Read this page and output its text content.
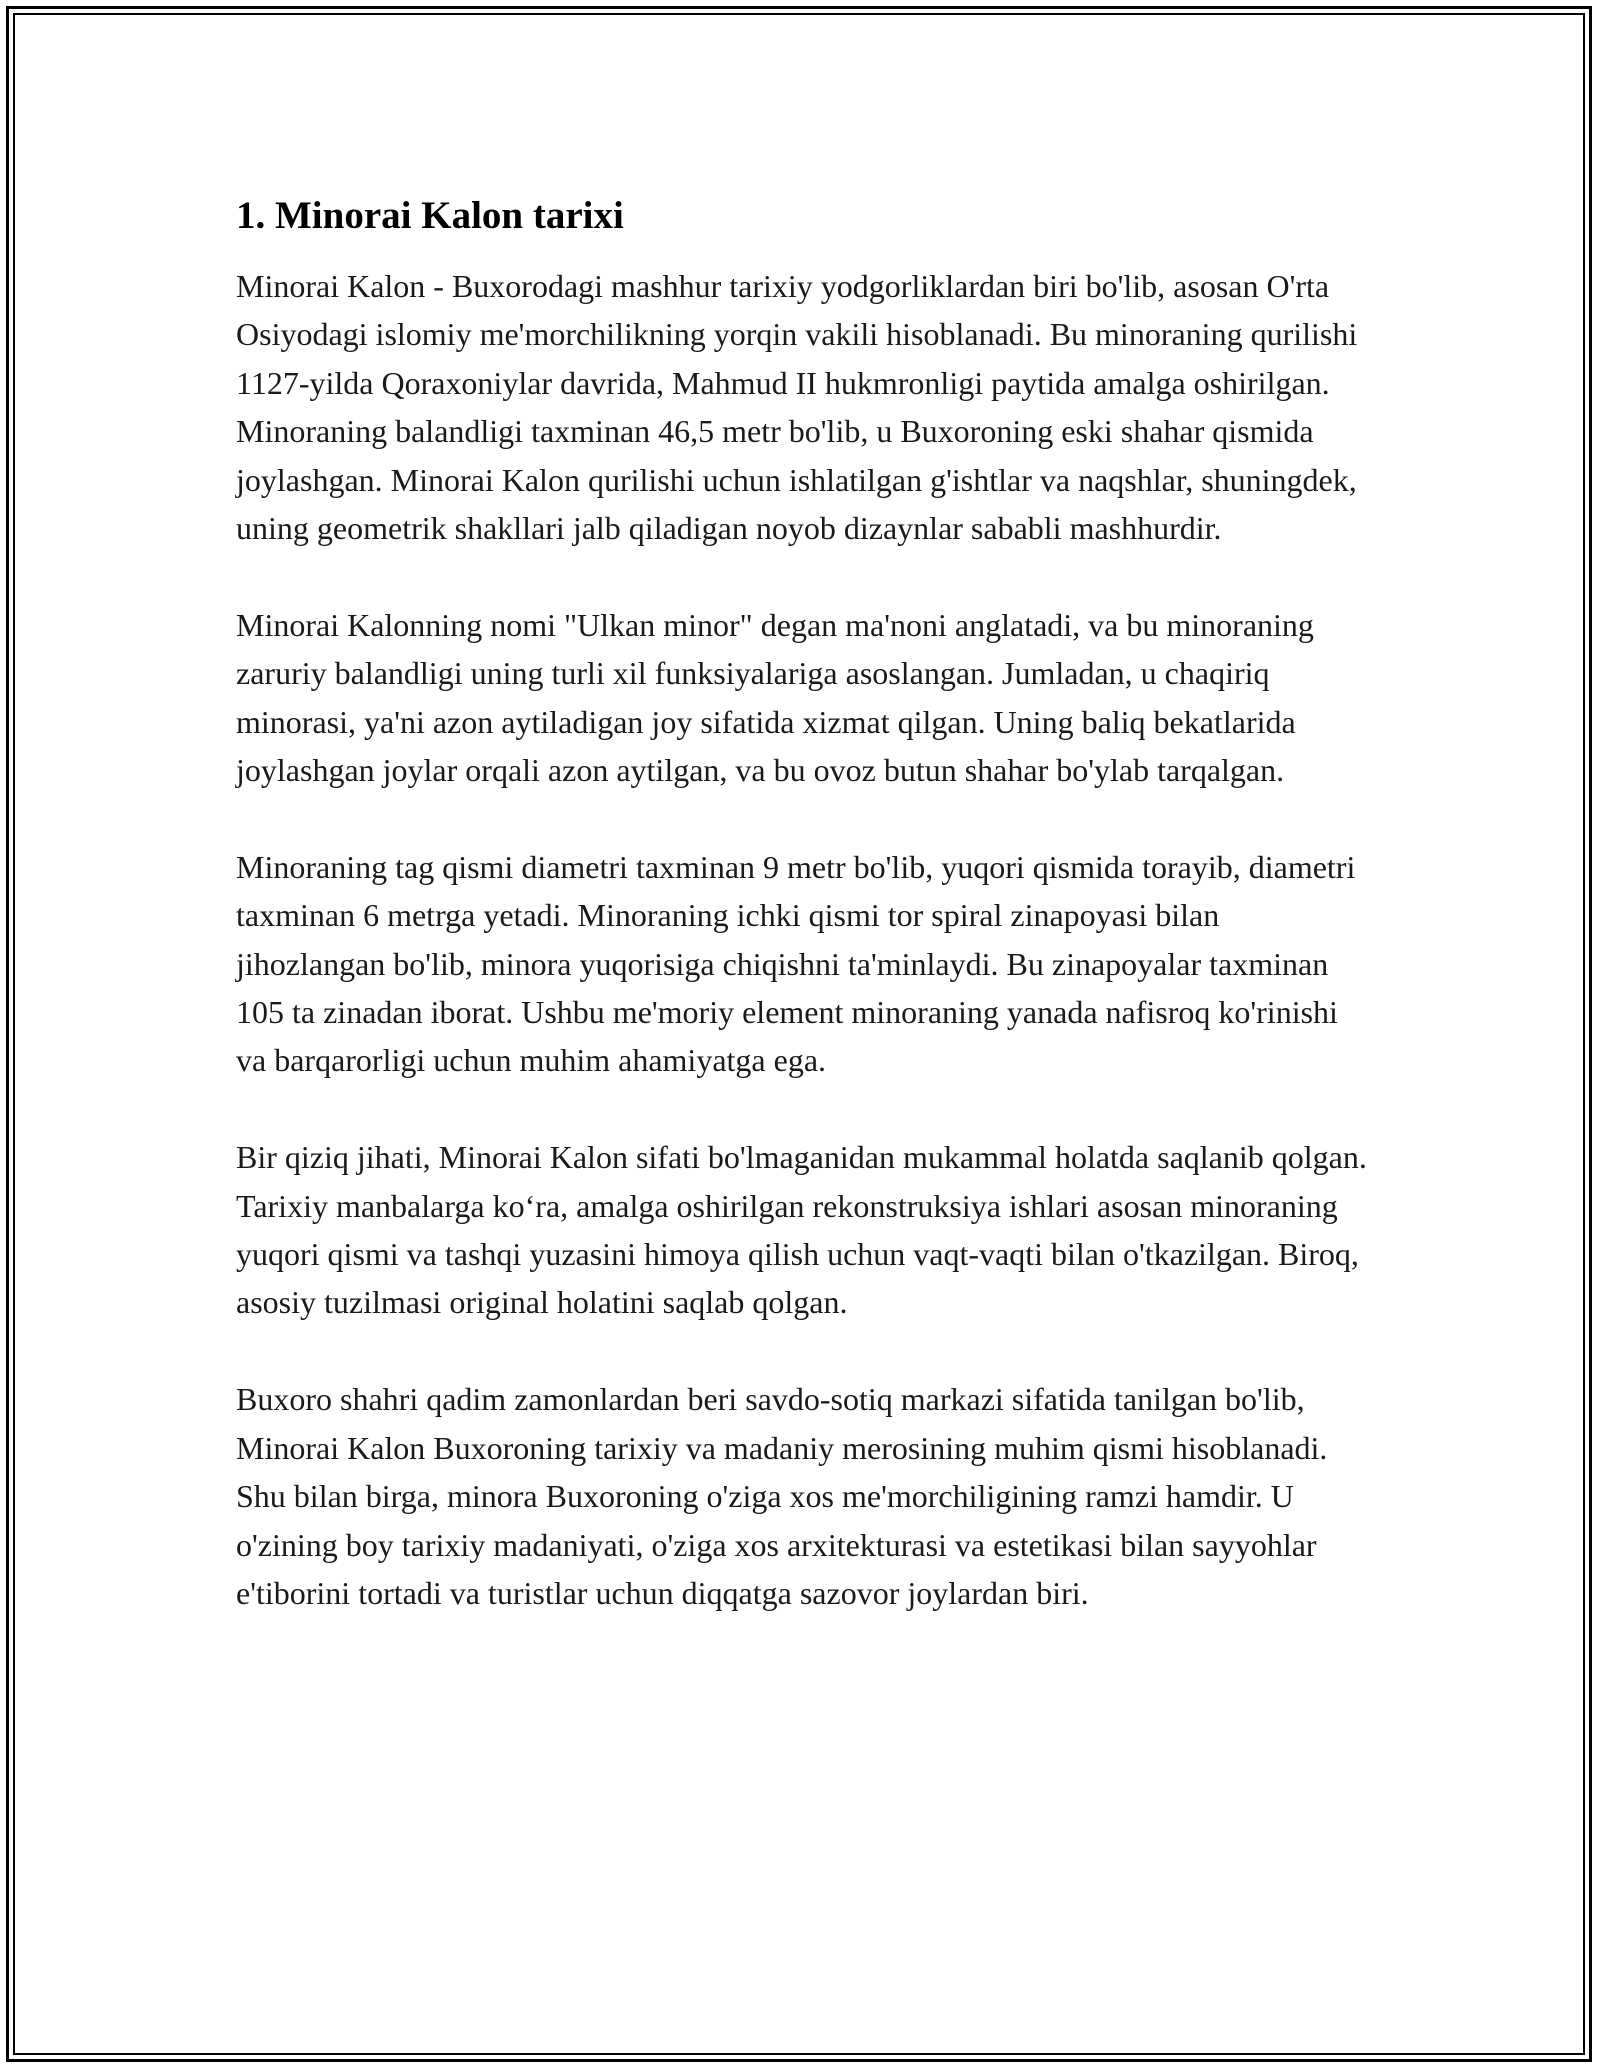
1. Minorai Kalon tarixi

Minorai Kalon - Buxorodagi mashhur tarixiy yodgorliklardan biri bo'lib, asosan O'rta Osiyodagi islomiy me'morchilikning yorqin vakili hisoblanadi. Bu minoraning qurilishi 1127-yilda Qoraxoniylar davrida, Mahmud II hukmronligi paytida amalga oshirilgan. Minoraning balandligi taxminan 46,5 metr bo'lib, u Buxoroning eski shahar qismida joylashgan. Minorai Kalon qurilishi uchun ishlatilgan g'ishtlar va naqshlar, shuningdek, uning geometrik shakllari jalb qiladigan noyob dizaynlar sababli mashhurdir.

Minorai Kalonning nomi "Ulkan minor" degan ma'noni anglatadi, va bu minoraning zaruriy balandligi uning turli xil funksiyalariga asoslangan. Jumladan, u chaqiriq minorasi, ya'ni azon aytiladigan joy sifatida xizmat qilgan. Uning baliq bekatlarida joylashgan joylar orqali azon aytilgan, va bu ovoz butun shahar bo'ylab tarqalgan.

Minoraning tag qismi diametri taxminan 9 metr bo'lib, yuqori qismida torayib, diametri taxminan 6 metrga yetadi. Minoraning ichki qismi tor spiral zinapoyasi bilan jihozlangan bo'lib, minora yuqorisiga chiqishni ta'minlaydi. Bu zinapoyalar taxminan 105 ta zinadan iborat. Ushbu me'moriy element minoraning yanada nafisroq ko'rinishi va barqarorligi uchun muhim ahamiyatga ega.

Bir qiziq jihati, Minorai Kalon sifati bo'lmaganidan mukammal holatda saqlanib qolgan. Tarixiy manbalarga ko‘ra, amalga oshirilgan rekonstruksiya ishlari asosan minoraning yuqori qismi va tashqi yuzasini himoya qilish uchun vaqt-vaqti bilan o'tkazilgan. Biroq, asosiy tuzilmasi original holatini saqlab qolgan.

Buxoro shahri qadim zamonlardan beri savdo-sotiq markazi sifatida tanilgan bo'lib, Minorai Kalon Buxoroning tarixiy va madaniy merosining muhim qismi hisoblanadi. Shu bilan birga, minora Buxoroning o'ziga xos me'morchiligining ramzi hamdir. U o'zining boy tarixiy madaniyati, o'ziga xos arxitekturasi va estetikasi bilan sayyohlar e'tiborini tortadi va turistlar uchun diqqatga sazovor joylardan biri.
